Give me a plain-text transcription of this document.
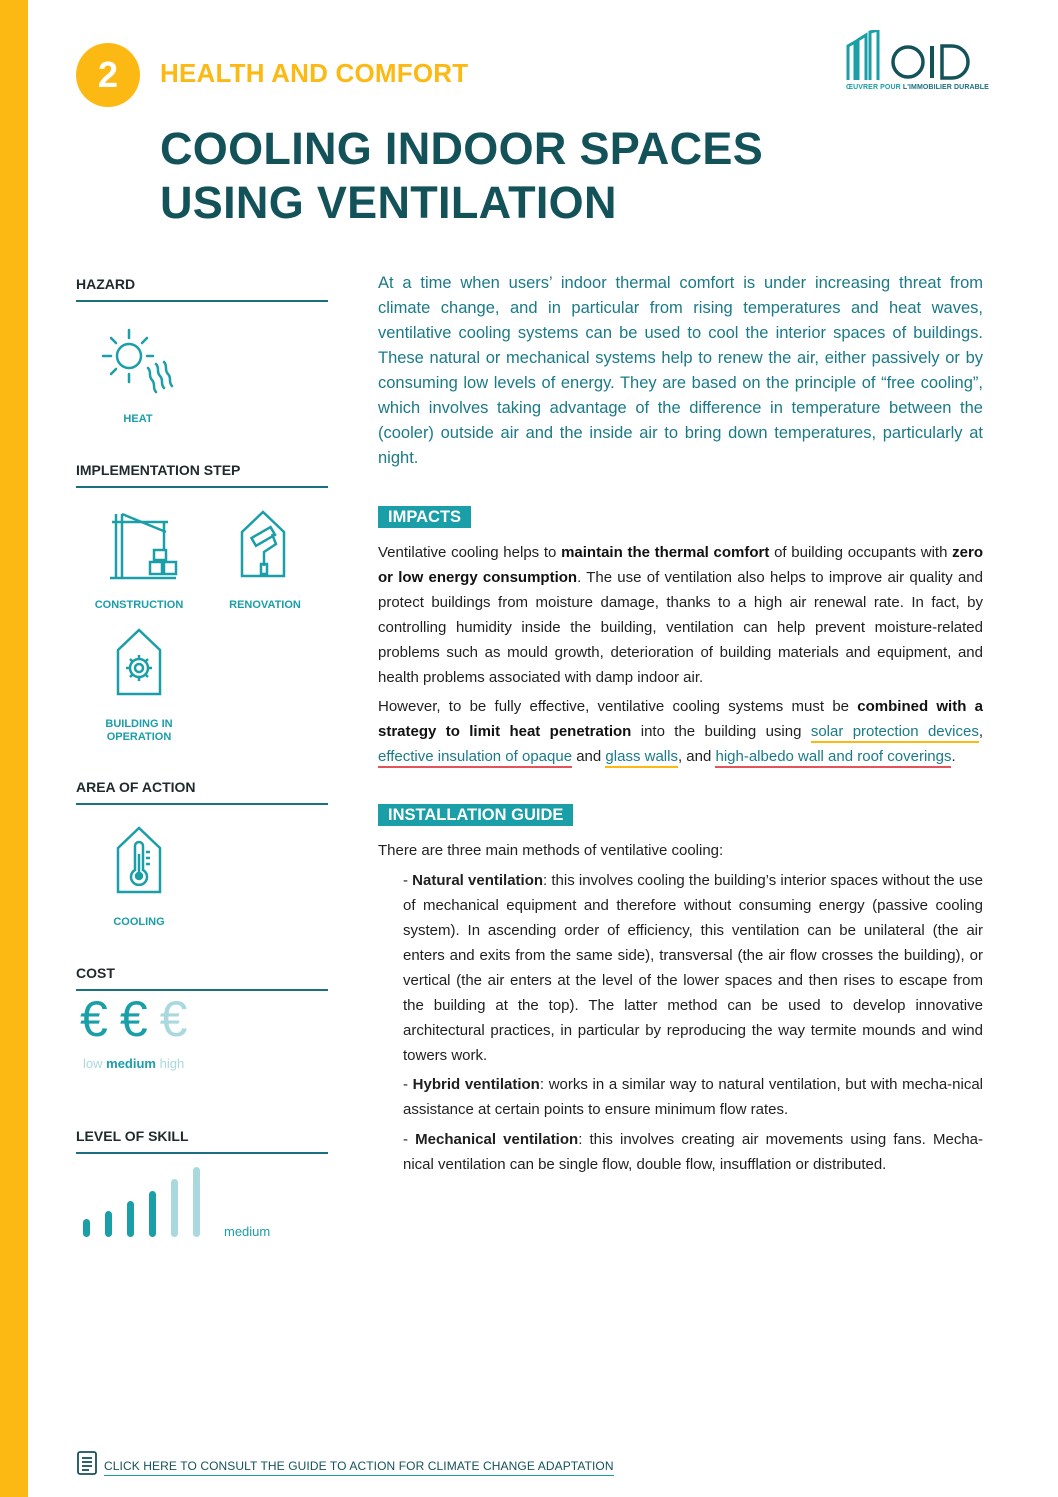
2	HEALTH AND COMFORT	ŒUVRER POUR L'IMMOBILIER DURABLE
COOLING INDOOR SPACES
USING VENTILATION
HAZARD
HEAT
IMPLEMENTATION STEP
CONSTRUCTION	RENOVATION
BUILDING IN
OPERATION
AREA OF ACTION
COOLING
COST
€ € €
low medium high
LEVEL OF SKILL
medium
At a time when users’ indoor thermal comfort is under increasing threat from climate change, and in particular from rising temperatures and heat waves, ventilative cooling systems can be used to cool the interior spaces of buildings. These natural or mechanical systems help to renew the air, either passively or by consuming low levels of energy. They are based on the principle of “free cooling”, which involves taking advantage of the difference in temperature between the (cooler) outside air and the inside air to bring down temperatures, particularly at night.
IMPACTS
Ventilative cooling helps to maintain the thermal comfort of building occupants with zero or low energy consumption. The use of ventilation also helps to improve air quality and protect buildings from moisture damage, thanks to a high air renewal rate. In fact, by controlling humidity inside the building, ventilation can help prevent moisture-related problems such as mould growth, deterioration of building materials and equipment, and health problems associated with damp indoor air.
However, to be fully effective, ventilative cooling systems must be combined with a strategy to limit heat penetration into the building using solar protection devices, effective insulation of opaque and glass walls, and high-albedo wall and roof coverings.
INSTALLATION GUIDE
There are three main methods of ventilative cooling:
- Natural ventilation: this involves cooling the building’s interior spaces without the use of mechanical equipment and therefore without consuming energy (passive cooling system). In ascending order of efficiency, this ventilation can be unilateral (the air enters and exits from the same side), transversal (the air flow crosses the building), or vertical (the air enters at the level of the lower spaces and then rises to escape from the building at the top). The latter method can be used to develop innovative architectural practices, in particular by reproducing the way termite mounds and wind towers work.
- Hybrid ventilation: works in a similar way to natural ventilation, but with mecha-nical assistance at certain points to ensure minimum flow rates.
- Mechanical ventilation: this involves creating air movements using fans. Mecha-nical ventilation can be single flow, double flow, insufflation or distributed.
CLICK HERE TO CONSULT THE GUIDE TO ACTION FOR CLIMATE CHANGE ADAPTATION
